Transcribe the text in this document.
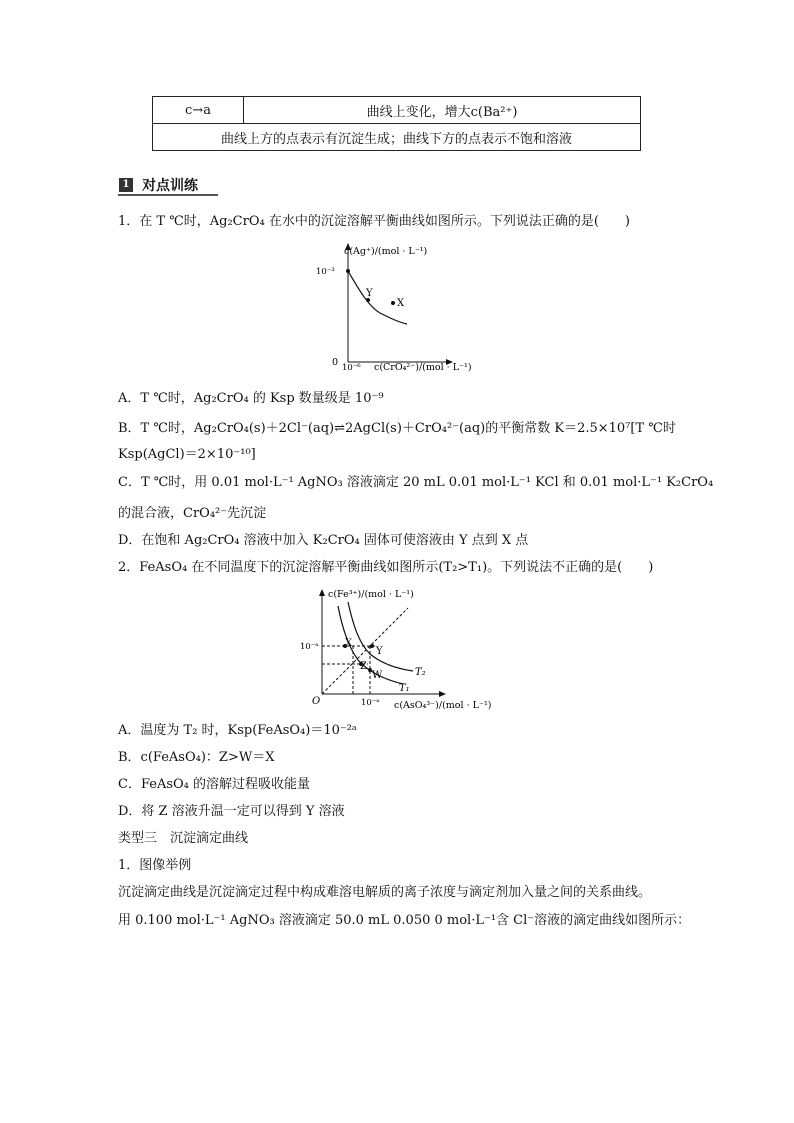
c→a	曲线上变化，增大c(Ba²⁺)
曲线上方的点表示有沉淀生成；曲线下方的点表示不饱和溶液
1 对点训练
1．在 T ℃时，Ag₂CrO₄ 在水中的沉淀溶解平衡曲线如图所示。下列说法正确的是(　　)
c(Ag⁺)/(mol · L⁻¹)
10⁻³
10⁻⁶ c(CrO₄²⁻)/(mol · L⁻¹)
0
Y
X
A．T ℃时，Ag₂CrO₄ 的 Ksp 数量级是 10⁻⁹
B．T ℃时，Ag₂CrO₄(s)＋2Cl⁻(aq)⇌2AgCl(s)＋CrO₄²⁻(aq)的平衡常数 K＝2.5×10⁷[T ℃时
Ksp(AgCl)＝2×10⁻¹⁰]
C．T ℃时，用 0.01 mol·L⁻¹ AgNO₃ 溶液滴定 20 mL 0.01 mol·L⁻¹ KCl 和 0.01 mol·L⁻¹ K₂CrO₄
的混合液，CrO₄²⁻先沉淀
D．在饱和 Ag₂CrO₄ 溶液中加入 K₂CrO₄ 固体可使溶液由 Y 点到 X 点
2．FeAsO₄ 在不同温度下的沉淀溶解平衡曲线如图所示(T₂>T₁)。下列说法不正确的是(　　)
c(Fe³⁺)/(mol · L⁻¹)
10⁻ᵃ
10⁻ᵃ c(AsO₄³⁻)/(mol · L⁻¹)
O
X
Y
Z
W	T₂
T₁
A．温度为 T₂ 时，Ksp(FeAsO₄)＝10⁻²ᵃ
B．c(FeAsO₄)：Z>W＝X
C．FeAsO₄ 的溶解过程吸收能量
D．将 Z 溶液升温一定可以得到 Y 溶液
类型三　沉淀滴定曲线
1．图像举例
沉淀滴定曲线是沉淀滴定过程中构成难溶电解质的离子浓度与滴定剂加入量之间的关系曲线。
用 0.100 mol·L⁻¹ AgNO₃ 溶液滴定 50.0 mL 0.050 0 mol·L⁻¹含 Cl⁻溶液的滴定曲线如图所示：
